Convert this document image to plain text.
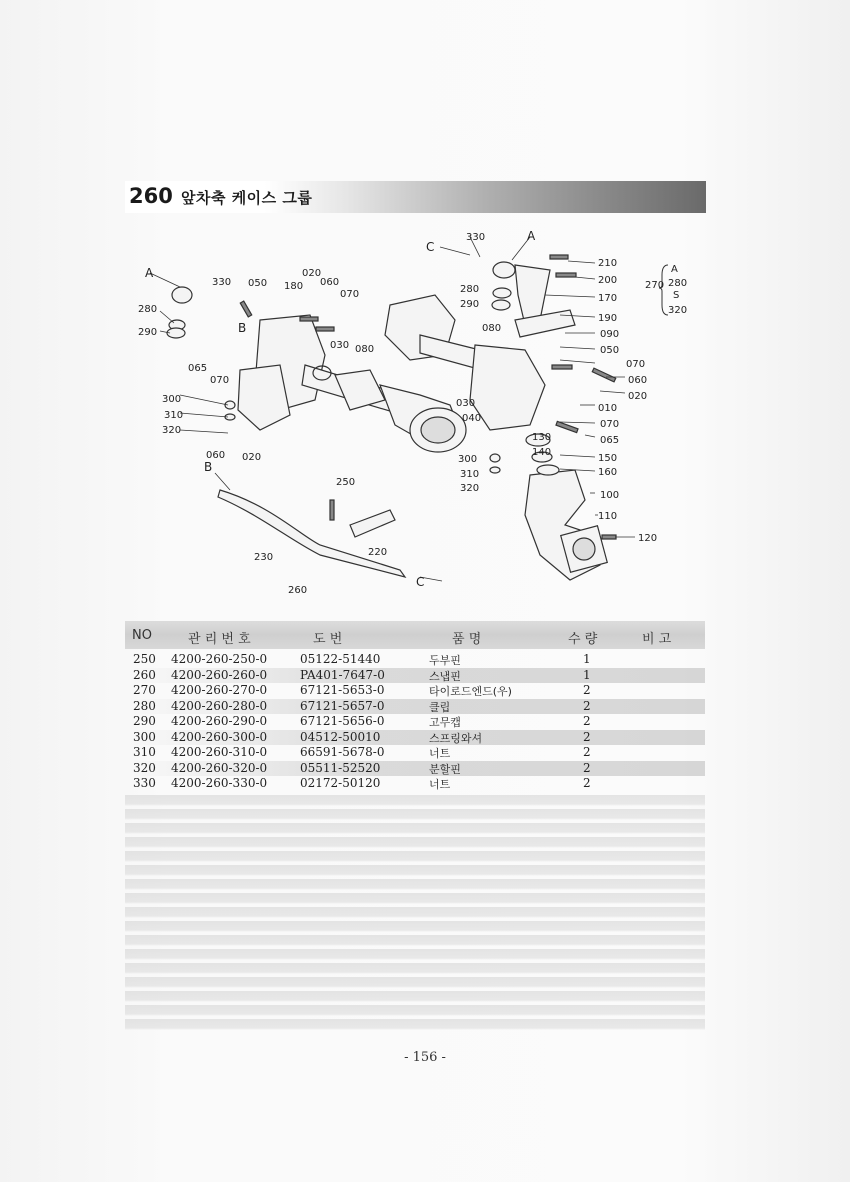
260 앞차축 케이스 그룹
330	A
C
210
200
170
190
090
050
070
060
020
010
070
065
150
160
100
110
120
280
290
080
030
040
130
140
300
310
320
250
220
230
260
C
B
A
330 050 180
020
060
070
280
290	B
065
070
030 080
300
310
320
060 020
270
A
280
S
320
NO	관 리 번 호	도 번	품 명	수 량	비 고
250 4200-260-250-0	05122-51440	두부핀	1
260 4200-260-260-0	PA401-7647-0	스냅핀	1
270 4200-260-270-0	67121-5653-0	타이로드엔드(우)	2
280 4200-260-280-0	67121-5657-0	클립	2
290 4200-260-290-0	67121-5656-0	고무캡	2
300 4200-260-300-0	04512-50010	스프링와셔	2
310 4200-260-310-0	66591-5678-0	너트	2
320 4200-260-320-0	05511-52520	분할핀	2
330 4200-260-330-0	02172-50120	너트	2
- 156 -
